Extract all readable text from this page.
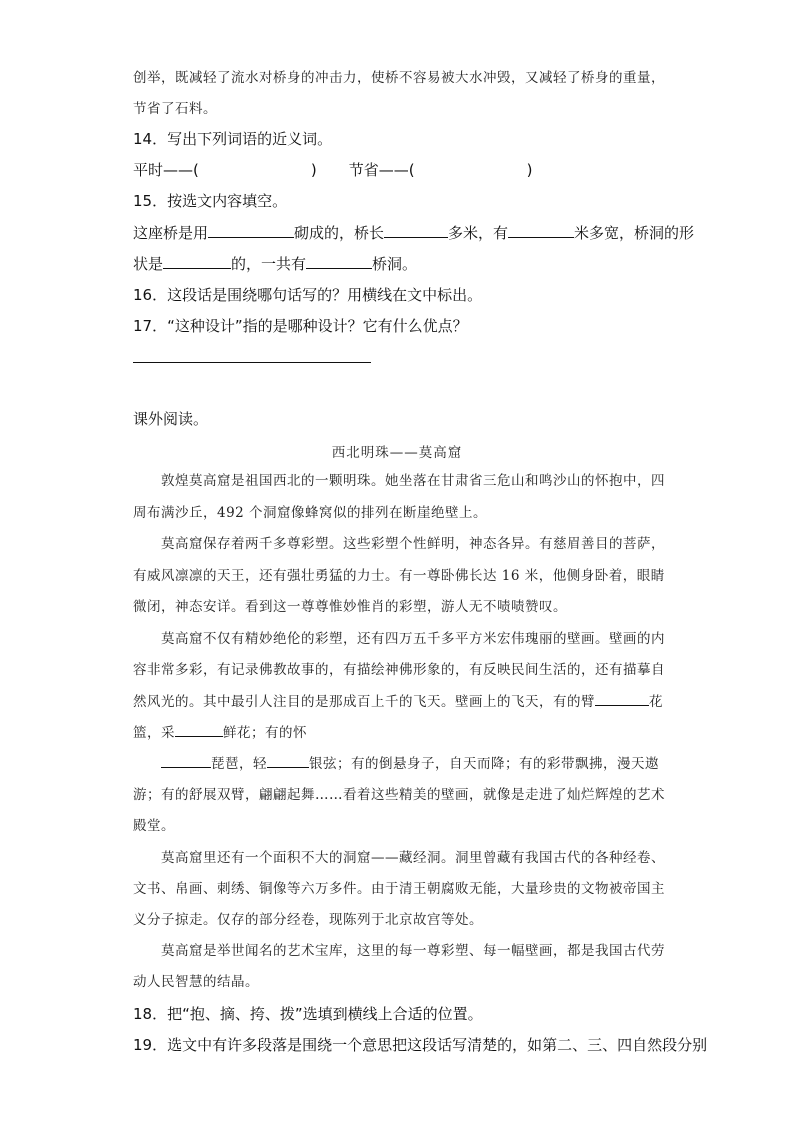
创举，既减轻了流水对桥身的冲击力，使桥不容易被大水冲毁，又减轻了桥身的重量，
节省了石料。
14．写出下列词语的近义词。
平时——(	) 节省——(	)
15．按选文内容填空。
这座桥是用	砌成的，桥长	多米，有	米多宽，桥洞的形
状是	的，一共有	桥洞。
16．这段话是围绕哪句话写的？用横线在文中标出。
17．“这种设计”指的是哪种设计？它有什么优点？
课外阅读。
西北明珠——莫高窟
敦煌莫高窟是祖国西北的一颗明珠。她坐落在甘肃省三危山和鸣沙山的怀抱中，四
周布满沙丘，492 个洞窟像蜂窝似的排列在断崖绝壁上。
莫高窟保存着两千多尊彩塑。这些彩塑个性鲜明，神态各异。有慈眉善目的菩萨，
有威风凛凛的天王，还有强壮勇猛的力士。有一尊卧佛长达 16 米，他侧身卧着，眼睛
微闭，神态安详。看到这一尊尊惟妙惟肖的彩塑，游人无不啧啧赞叹。
莫高窟不仅有精妙绝伦的彩塑，还有四万五千多平方米宏伟瑰丽的壁画。壁画的内
容非常多彩，有记录佛教故事的，有描绘神佛形象的，有反映民间生活的，还有描摹自
然风光的。其中最引人注目的是那成百上千的飞天。壁画上的飞天，有的臂	花
篮，采	鲜花；有的怀
琵琶，轻	银弦；有的倒悬身子，自天而降；有的彩带飘拂，漫天遨
游；有的舒展双臂，翩翩起舞……看着这些精美的壁画，就像是走进了灿烂辉煌的艺术
殿堂。
莫高窟里还有一个面积不大的洞窟——藏经洞。洞里曾藏有我国古代的各种经卷、
文书、帛画、刺绣、铜像等六万多件。由于清王朝腐败无能，大量珍贵的文物被帝国主
义分子掠走。仅存的部分经卷，现陈列于北京故宫等处。
莫高窟是举世闻名的艺术宝库，这里的每一尊彩塑、每一幅壁画，都是我国古代劳
动人民智慧的结晶。
18．把“抱、摘、挎、拨”选填到横线上合适的位置。
19．选文中有许多段落是围绕一个意思把这段话写清楚的，如第二、三、四自然段分别
